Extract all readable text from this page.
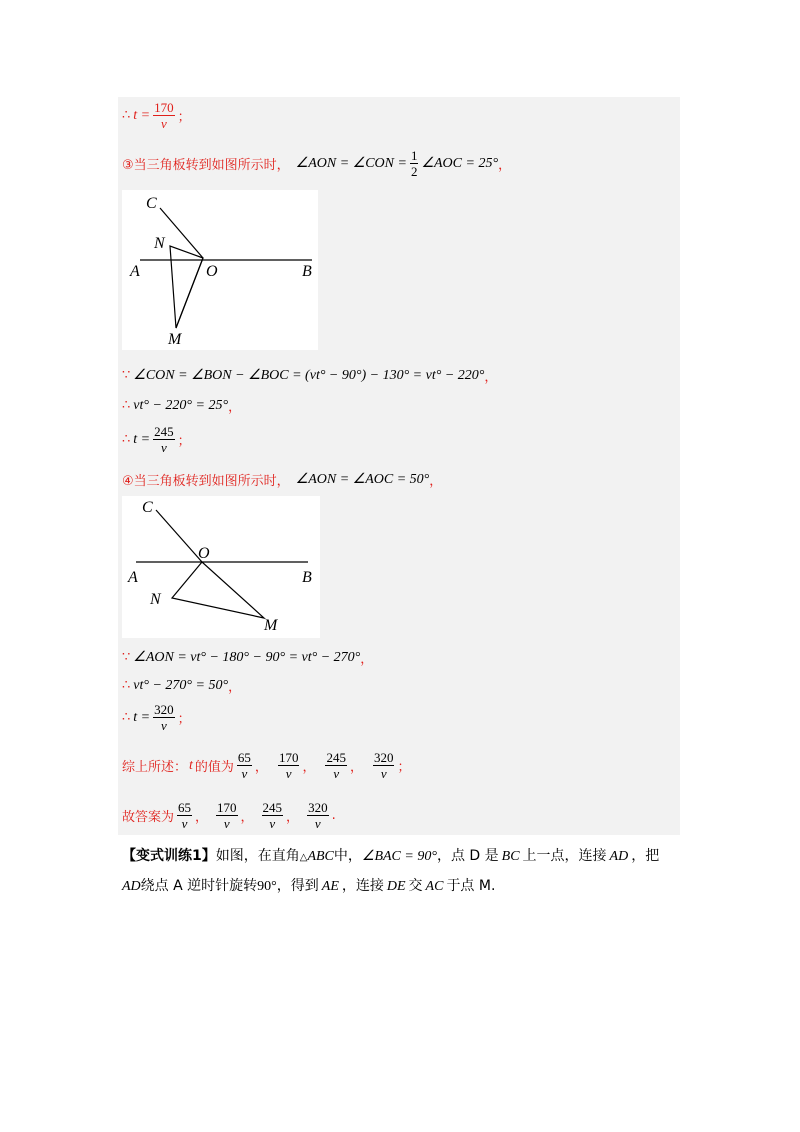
∴ $t = \frac{170}{v}$ ；
③当三角板转到如图所示时， ∠AON = ∠CON = $\frac{1}{2}$ ∠AOC = 25° ，
C
N
A	O	B
M
∵ ∠CON = ∠BON − ∠BOC = (vt° − 90°) − 130° = vt° − 220° ，
∴ vt° − 220° = 25° ，
∴ $t = \frac{245}{v}$ ；
④当三角板转到如图所示时， ∠AON = ∠AOC = 50° ，
C
O
A	B
N
M
∵ ∠AON = vt° − 180° − 90° = vt° − 270° ，
∴ vt° − 270° = 50° ，
∴ $t = \frac{320}{v}$ ；
综上所述： t 的值为 $\frac{65}{v}$ ， $\frac{170}{v}$ ， $\frac{245}{v}$ ， $\frac{320}{v}$ ；
故答案为 $\frac{65}{v}$ ， $\frac{170}{v}$ ， $\frac{245}{v}$ ， $\frac{320}{v}$ .
【变式训练1】如图，在直角△ABC中，∠BAC = 90°，点 D 是 BC 上一点，连接 AD ，把
AD绕点 A 逆时针旋转90°，得到 AE ，连接 DE 交 AC 于点 M.
